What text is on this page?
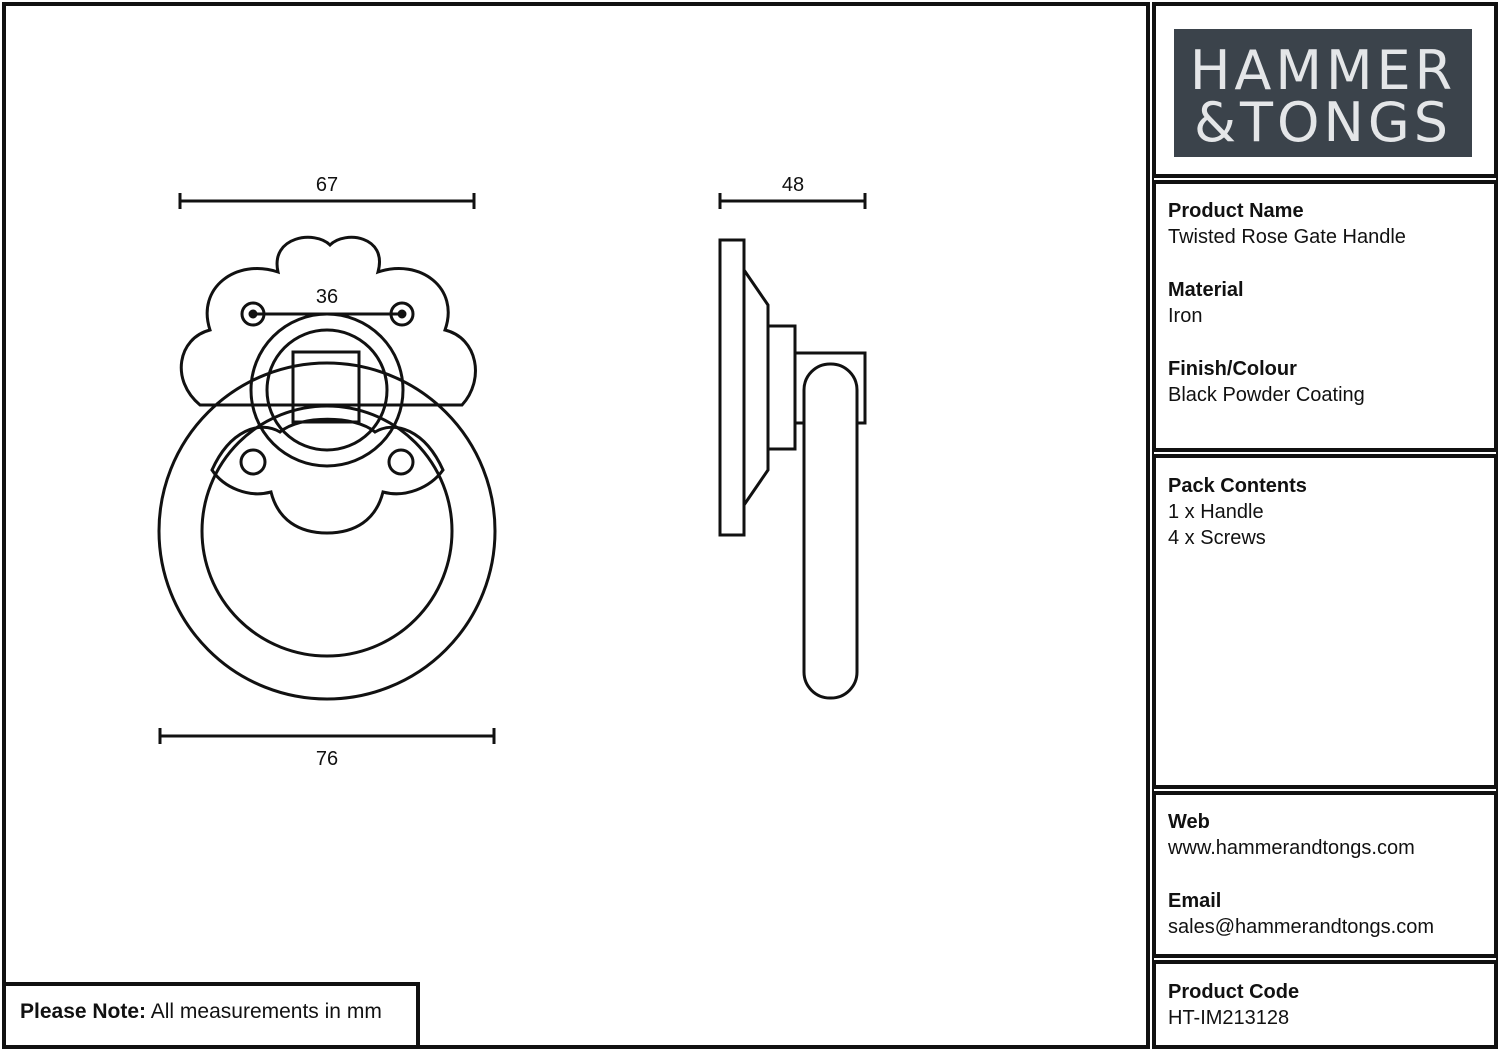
67
36
76
48
HAMMER
&TONGS
Product Name
Twisted Rose Gate Handle
Material
Iron
Finish/Colour
Black Powder Coating
Pack Contents
1 x Handle
4 x Screws
Web
www.hammerandtongs.com
Email
sales@hammerandtongs.com
Product Code
HT-IM213128
Please Note: All measurements in mm
